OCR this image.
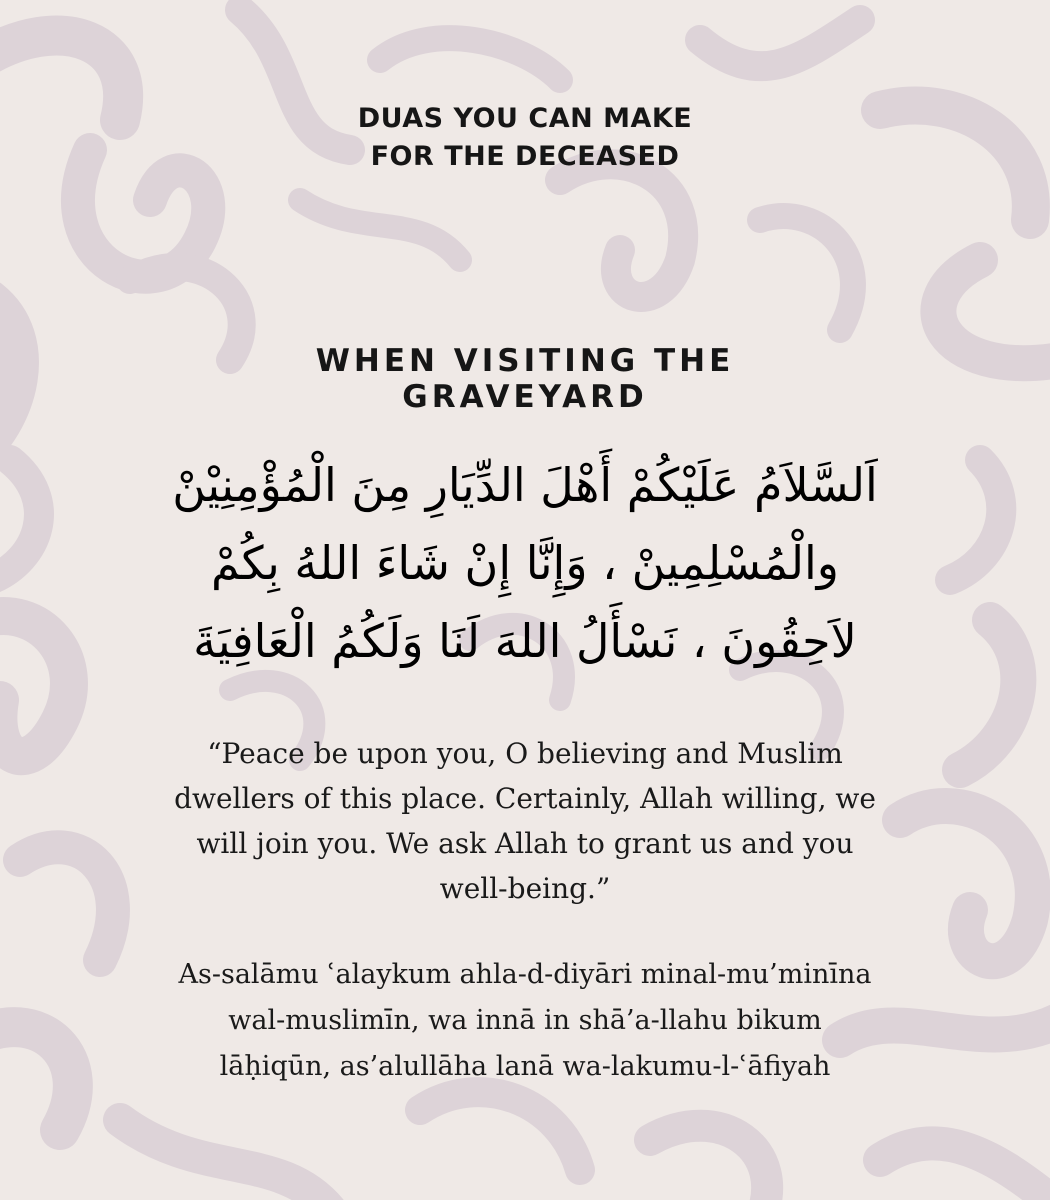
DUAS YOU CAN MAKE
FOR THE DECEASED
WHEN VISITING THE
GRAVEYARD
اَلسَّلاَمُ عَلَيْكُمْ أَهْلَ الدِّيَارِ مِنَ الْمُؤْمِنِيْنْ
والْمُسْلِمِينْ ، وَإِنَّا إِنْ شَاءَ اللهُ بِكُمْ
لاَحِقُونَ ، نَسْأَلُ اللهَ لَنَا وَلَكُمُ الْعَافِيَةَ
“Peace be upon you, O believing and Muslim
dwellers of this place. Certainly, Allah willing, we
will join you. We ask Allah to grant us and you
well-being.”
As-salāmu ʿalaykum ahla-d-diyāri minal-mu’minīna
wal-muslimīn, wa innā in shā’a-llahu bikum
lāḥiqūn, as’alullāha lanā wa-lakumu-l-ʿāfiyah
